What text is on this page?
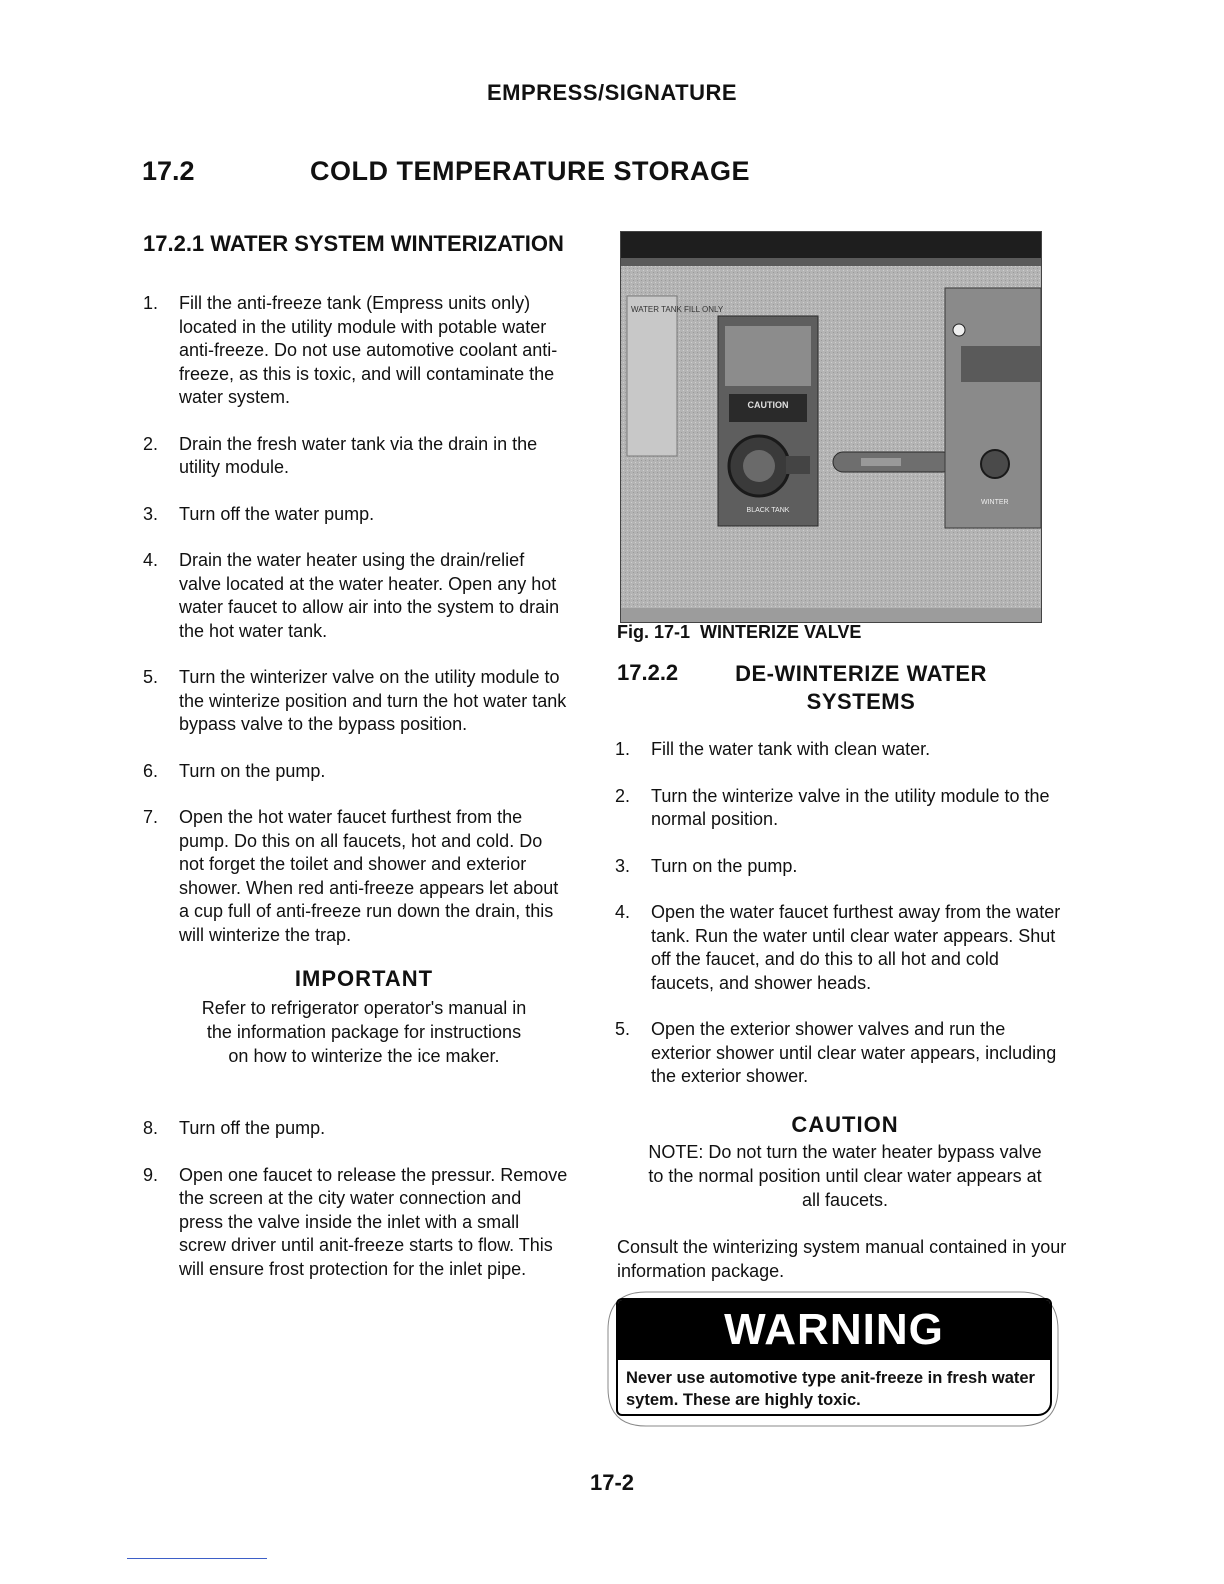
EMPRESS/SIGNATURE
17.2	COLD TEMPERATURE STORAGE
17.2.1 WATER SYSTEM WINTERIZATION
1. Fill the anti-freeze tank (Empress units only) located in the utility module with potable water anti-freeze. Do not use automotive coolant anti-freeze, as this is toxic, and will contaminate the water system.
2. Drain the fresh water tank via the drain in the utility module.
3. Turn off the water pump.
4. Drain the water heater using the drain/relief valve located at the water heater. Open any hot water faucet to allow air into the system to drain the hot water tank.
5. Turn the winterizer valve on the utility module to the winterize position and turn the hot water tank bypass valve to the bypass position.
6. Turn on the pump.
7. Open the hot water faucet furthest from the pump. Do this on all faucets, hot and cold. Do not forget the toilet and shower and exterior shower. When red anti-freeze appears let about a cup full of anti-freeze run down the drain, this will winterize the trap.
IMPORTANT
Refer to refrigerator operator's manual in the information package for instructions on how to winterize the ice maker.
8. Turn off the pump.
9. Open one faucet to release the pressur. Remove the screen at the city water connection and press the valve inside the inlet with a small screw driver until anit-freeze starts to flow. This will ensure frost protection for the inlet pipe.
WATER TANK FILL ONLY
CAUTION
BLACK TANK
WINTER
Fig. 17-1 WINTERIZE VALVE
17.2.2	DE-WINTERIZE WATER SYSTEMS
1. Fill the water tank with clean water.
2. Turn the winterize valve in the utility module to the normal position.
3. Turn on the pump.
4. Open the water faucet furthest away from the water tank. Run the water until clear water appears. Shut off the faucet, and do this to all hot and cold faucets, and shower heads.
5. Open the exterior shower valves and run the exterior shower until clear water appears, including the exterior shower.
CAUTION
NOTE: Do not turn the water heater bypass valve to the normal position until clear water appears at all faucets.
Consult the winterizing system manual contained in your information package.
WARNING
Never use automotive type anit-freeze in fresh water sytem. These are highly toxic.
17-2
